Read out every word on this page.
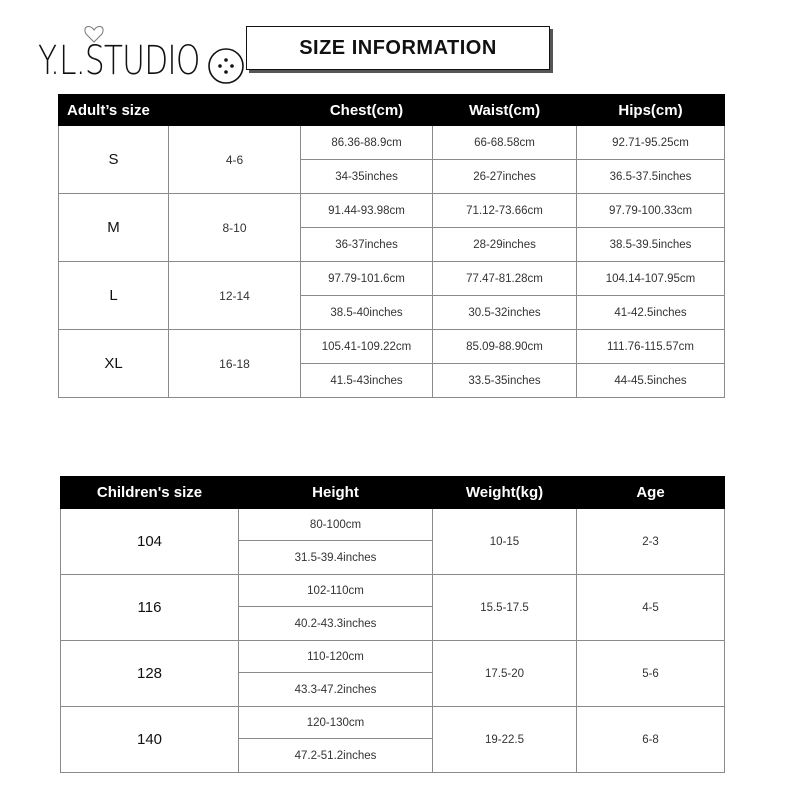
Y.L.STUDIO	SIZE INFORMATION
Adult’s size		Chest(cm)	Waist(cm)	Hips(cm)
S	4-6	86.36-88.9cm	66-68.58cm	92.71-95.25cm
		34-35inches	26-27inches	36.5-37.5inches
M	8-10	91.44-93.98cm	71.12-73.66cm	97.79-100.33cm
		36-37inches	28-29inches	38.5-39.5inches
L	12-14	97.79-101.6cm	77.47-81.28cm	104.14-107.95cm
		38.5-40inches	30.5-32inches	41-42.5inches
XL	16-18	105.41-109.22cm	85.09-88.90cm	111.76-115.57cm
		41.5-43inches	33.5-35inches	44-45.5inches
Children's size	Height	Weight(kg)	Age
104	80-100cm	10-15	2-3
	31.5-39.4inches		
116	102-110cm	15.5-17.5	4-5
	40.2-43.3inches		
128	110-120cm	17.5-20	5-6
	43.3-47.2inches		
140	120-130cm	19-22.5	6-8
	47.2-51.2inches		
